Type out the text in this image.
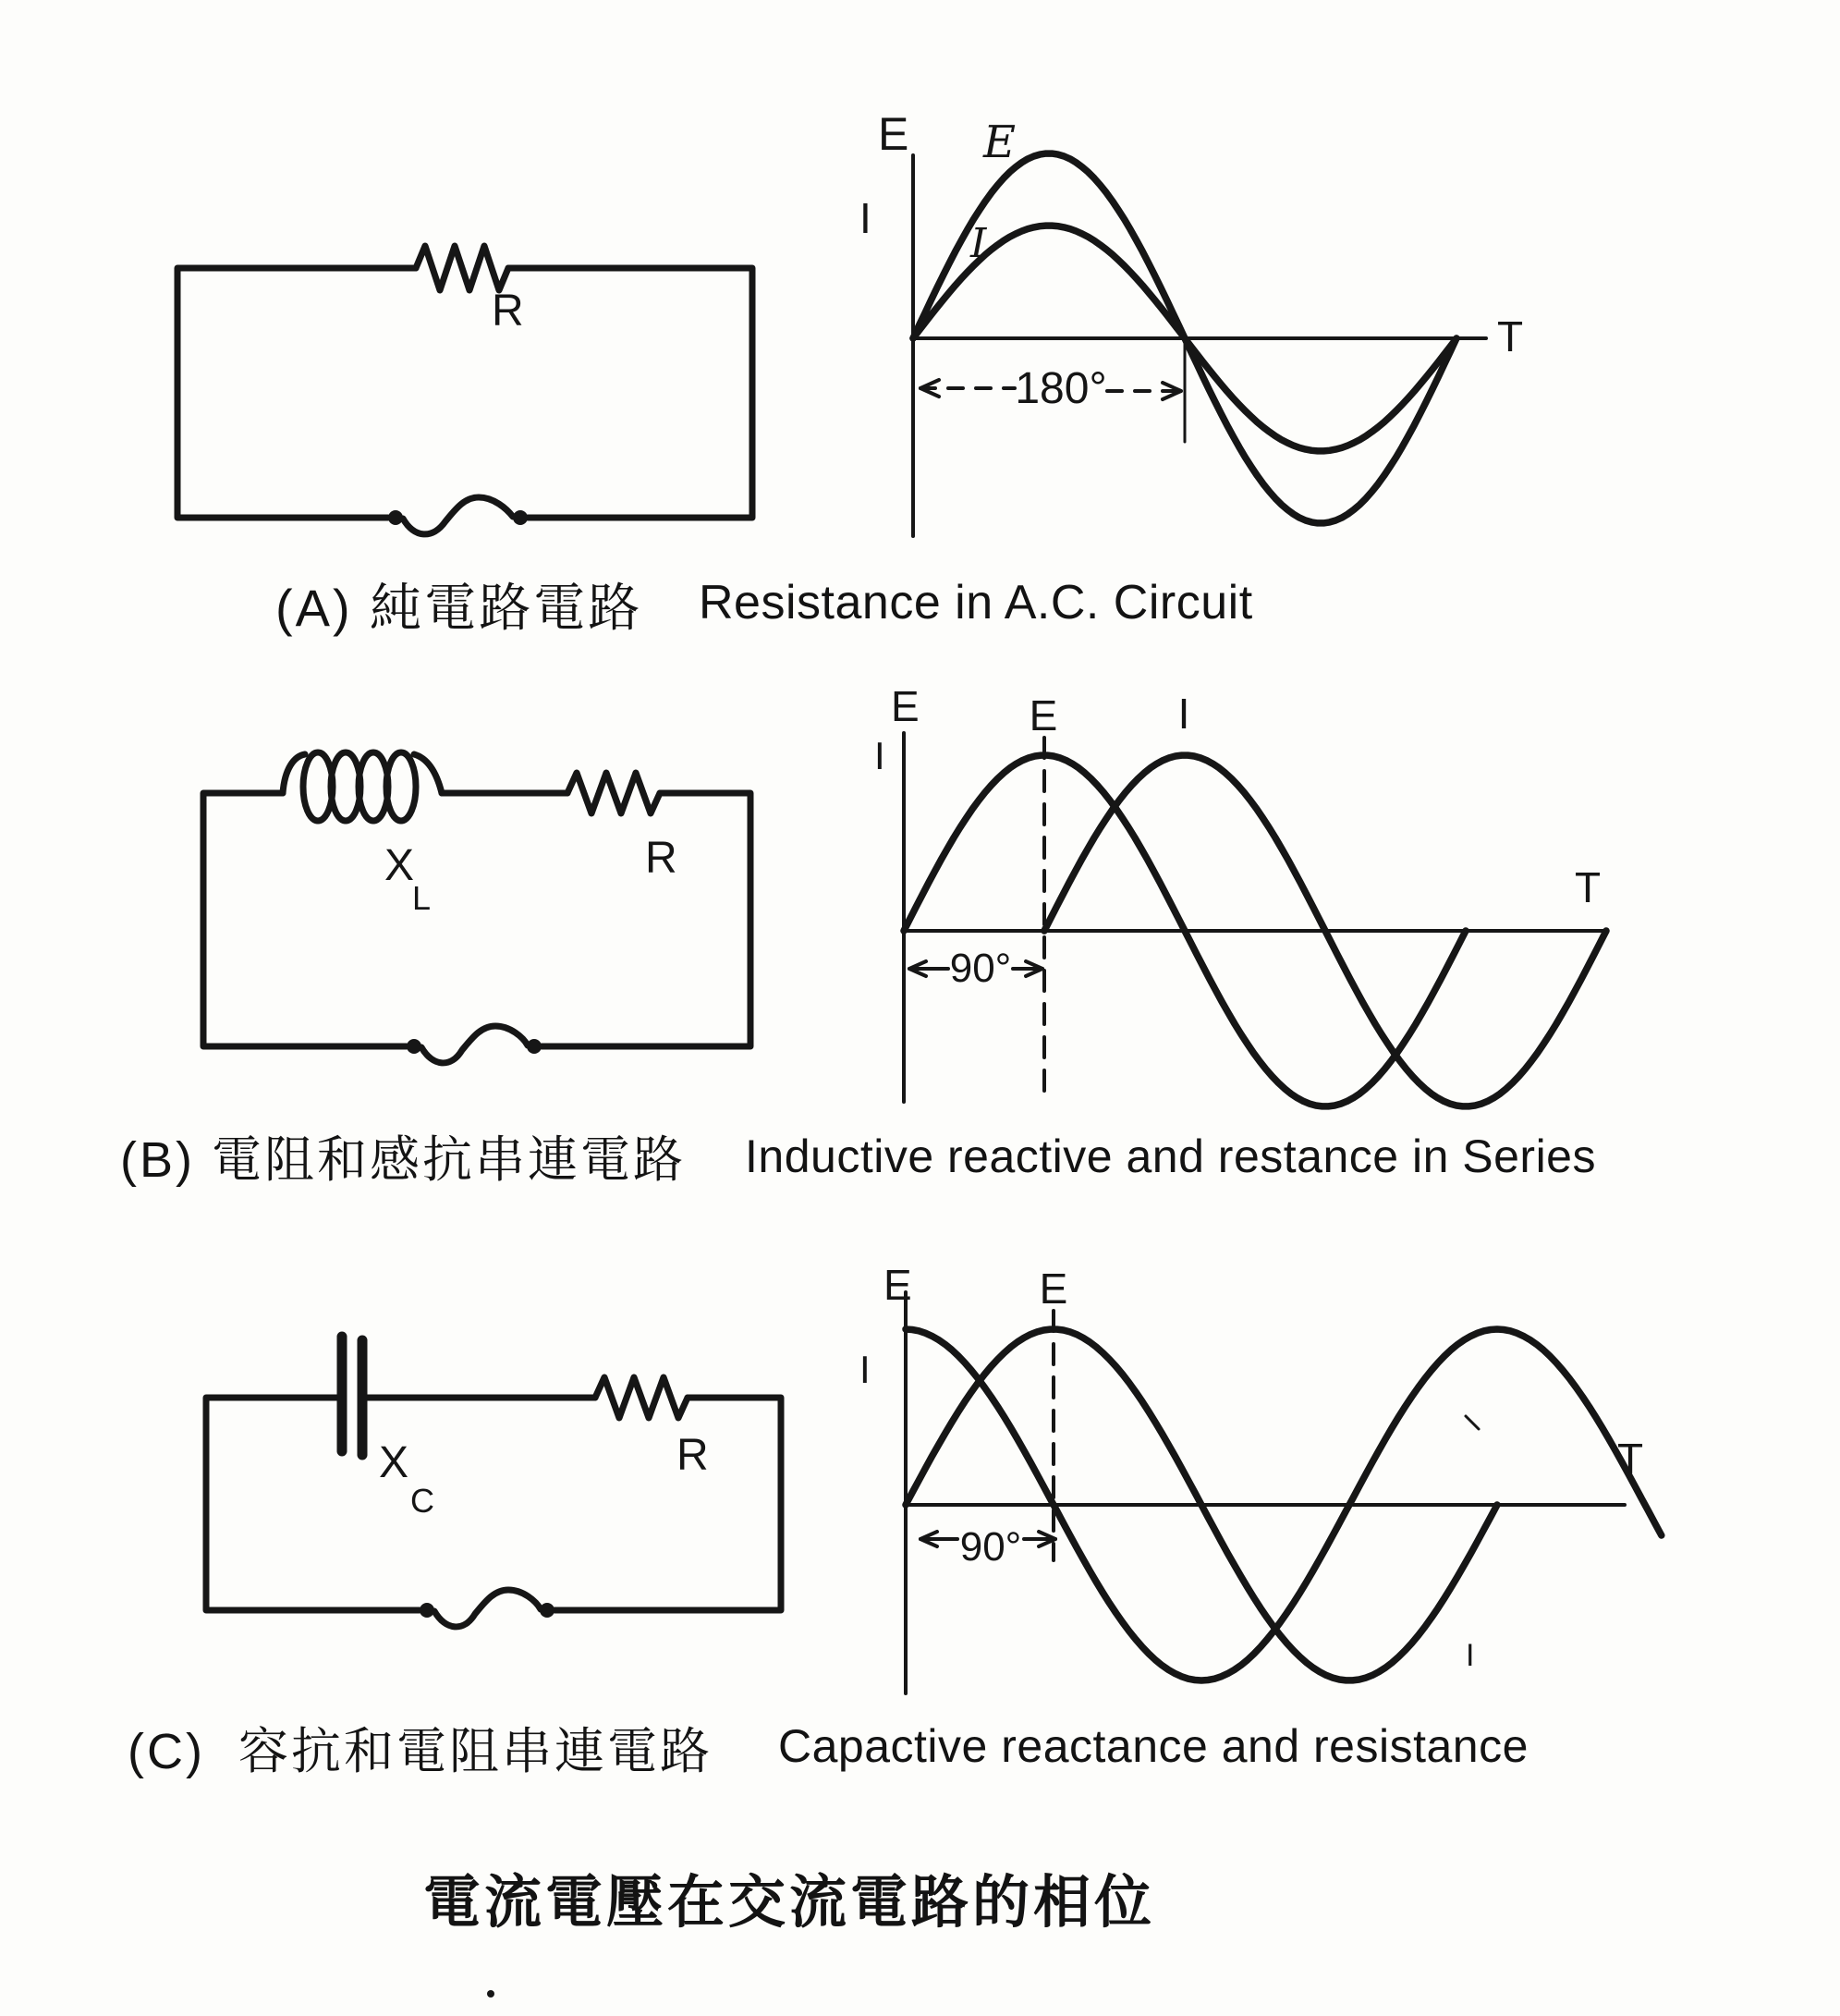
R
E
I
E
I
T
180°
X
L
R
E
I
E	I
T
90°
X
C
R
E
I
E
I
T
90°
(A) 純電路電路 Resistance in A.C. Circuit
(B) 電阻和感抗串連電路 Inductive reactive and restance in Series
(C)  容抗和電阻串連電路 Capactive reactance and resistance
電流電壓在交流電路的相位
